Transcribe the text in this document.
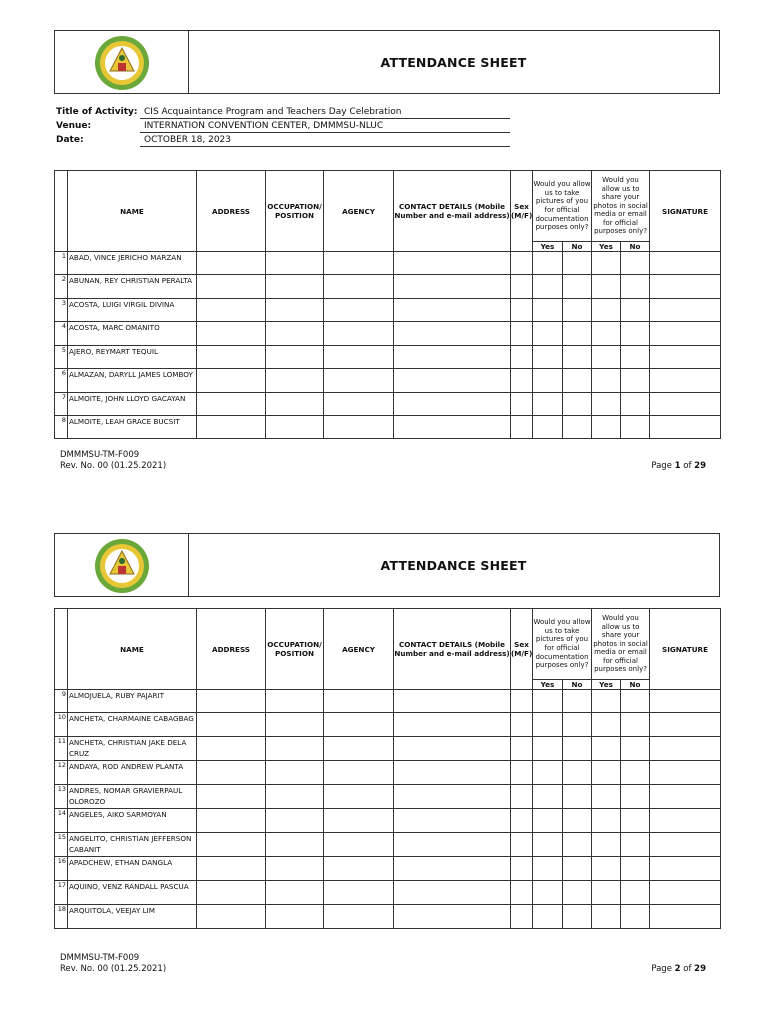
ATTENDANCE SHEET
Title of Activity: CIS Acquaintance Program and Teachers Day Celebration
Venue:	INTERNATION CONVENTION CENTER, DMMMSU-NLUC
Date:	OCTOBER 18, 2023
	NAME	ADDRESS	OCCUPATION/ POSITION	AGENCY	CONTACT DETAILS (Mobile Number and e-mail address)	Sex (M/F)	Would you allow us to take pictures of you for official documentation purposes only?		Would you allow us to share your photos in social media or email for official purposes only?		SIGNATURE
							Yes	No	Yes	No	
1	ABAD, VINCE JERICHO MARZAN										
2	ABUNAN, REY CHRISTIAN PERALTA										
3	ACOSTA, LUIGI VIRGIL DIVINA										
4	ACOSTA, MARC OMANITO										
5	AJERO, REYMART TEQUIL										
6	ALMAZAN, DARYLL JAMES LOMBOY										
7	ALMOITE, JOHN LLOYD GACAYAN										
8	ALMOITE, LEAH GRACE BUCSIT										
DMMMSU-TM-F009
Rev. No. 00 (01.25.2021)	Page 1 of 29
ATTENDANCE SHEET
	NAME	ADDRESS	OCCUPATION/ POSITION	AGENCY	CONTACT DETAILS (Mobile Number and e-mail address)	Sex (M/F)	Would you allow us to take pictures of you for official documentation purposes only?		Would you allow us to share your photos in social media or email for official purposes only?		SIGNATURE
							Yes	No	Yes	No	
9	ALMOJUELA, RUBY PAJARIT										
10	ANCHETA, CHARMAINE CABAGBAG										
11	ANCHETA, CHRISTIAN JAKE DELA CRUZ										
12	ANDAYA, ROD ANDREW PLANTA										
13	ANDRES, NOMAR GRAVIERPAUL OLOROZO										
14	ANGELES, AIKO SARMOYAN										
15	ANGELITO, CHRISTIAN JEFFERSON CABANIT										
16	APADCHEW, ETHAN DANGLA										
17	AQUINO, VENZ RANDALL PASCUA										
18	ARQUITOLA, VEEJAY LIM										
DMMMSU-TM-F009
Rev. No. 00 (01.25.2021)	Page 2 of 29
